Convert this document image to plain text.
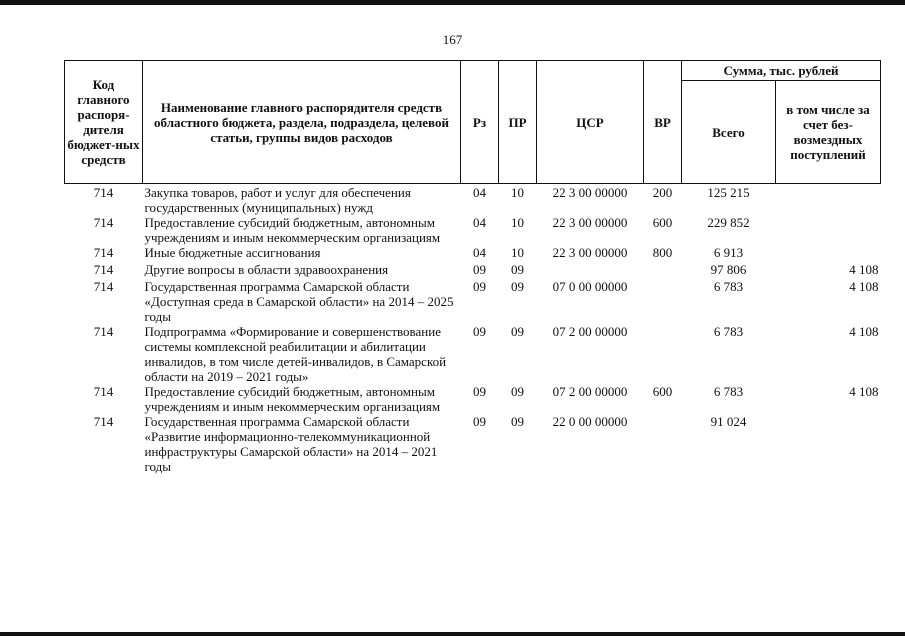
167
Код главного распоря-дителя бюджет-ных средств	Наименование главного распорядителя средств областного бюджета, раздела, подраздела, целевой статьи, группы видов расходов	Рз	ПР	ЦСР	ВР	Сумма, тыс. рублей	
						Всего	в том числе за счет без-возмездных поступлений
714	Закупка товаров, работ и услуг для обеспечения государственных (муниципальных) нужд	04	10	22 3 00 00000	200	125 215	
714	Предоставление субсидий бюджетным, автономным учреждениям и иным некоммерческим организациям	04	10	22 3 00 00000	600	229 852	
714	Иные бюджетные ассигнования	04	10	22 3 00 00000	800	6 913	
714	Другие вопросы в области здравоохранения	09	09			97 806	4 108
714	Государственная программа Самарской области «Доступная среда в Самарской области» на 2014 – 2025 годы	09	09	07 0 00 00000		6 783	4 108
714	Подпрограмма «Формирование и совершенствование системы комплексной реабилитации и абилитации инвалидов, в том числе детей-инвалидов, в Самарской области на 2019 – 2021 годы»	09	09	07 2 00 00000		6 783	4 108
714	Предоставление субсидий бюджетным, автономным учреждениям и иным некоммерческим организациям	09	09	07 2 00 00000	600	6 783	4 108
714	Государственная программа Самарской области «Развитие информационно-телекоммуникационной инфраструктуры Самарской области» на 2014 – 2021 годы	09	09	22 0 00 00000		91 024	
